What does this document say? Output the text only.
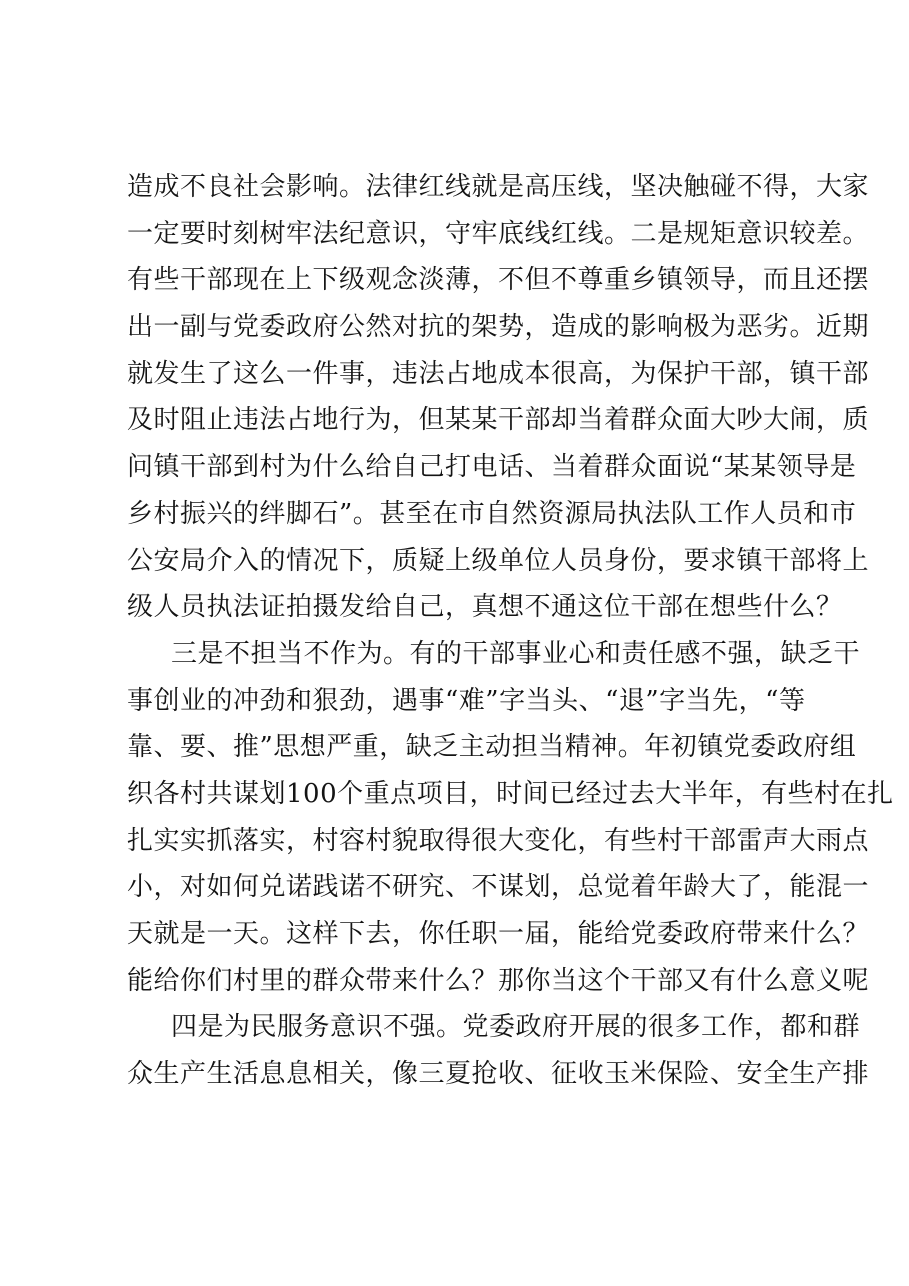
造成不良社会影响。法律红线就是高压线，坚决触碰不得，大家
一定要时刻树牢法纪意识，守牢底线红线。二是规矩意识较差。
有些干部现在上下级观念淡薄，不但不尊重乡镇领导，而且还摆
出一副与党委政府公然对抗的架势，造成的影响极为恶劣。近期
就发生了这么一件事，违法占地成本很高，为保护干部，镇干部
及时阻止违法占地行为，但某某干部却当着群众面大吵大闹，质
问镇干部到村为什么给自己打电话、当着群众面说“某某领导是
乡村振兴的绊脚石”。甚至在市自然资源局执法队工作人员和市
公安局介入的情况下，质疑上级单位人员身份，要求镇干部将上
级人员执法证拍摄发给自己，真想不通这位干部在想些什么？
三是不担当不作为。有的干部事业心和责任感不强，缺乏干
事创业的冲劲和狠劲，遇事“难”字当头、“退”字当先，“等
靠、要、推”思想严重，缺乏主动担当精神。年初镇党委政府组
织各村共谋划100个重点项目，时间已经过去大半年，有些村在扎
扎实实抓落实，村容村貌取得很大变化，有些村干部雷声大雨点
小，对如何兑诺践诺不研究、不谋划，总觉着年龄大了，能混一
天就是一天。这样下去，你任职一届，能给党委政府带来什么？
能给你们村里的群众带来什么？那你当这个干部又有什么意义呢
四是为民服务意识不强。党委政府开展的很多工作，都和群
众生产生活息息相关，像三夏抢收、征收玉米保险、安全生产排
